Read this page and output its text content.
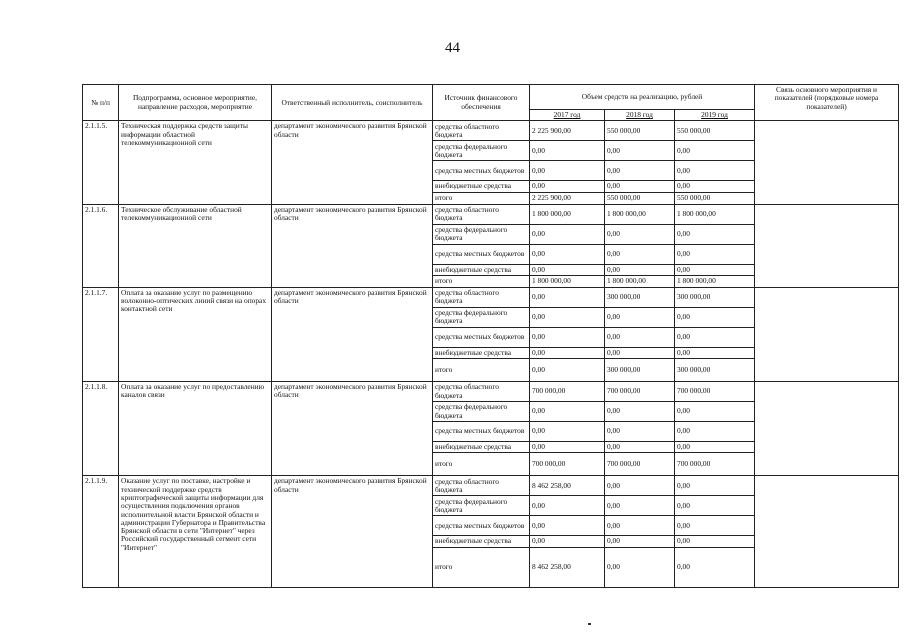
44
№ п/п	Подпрограмма, основное мероприятие, направление расходов, мероприятие	Ответственный исполнитель, соисполнитель	Источник финансового обеспечения	Объем средств на реализацию, рублей			Связь основного мероприятия и показателей (порядковые номера показателей)
				2017 год	2018 год	2019 год	
2.1.1.5.	Техническая поддержка средств защиты информации областной телекоммуникационной сети	департамент экономического развития Брянской области	средства областного бюджета	2 225 900,00	550 000,00	550 000,00	
			средства федерального бюджета	0,00	0,00	0,00	
			средства местных бюджетов	0,00	0,00	0,00	
			внебюджетные средства	0,00	0,00	0,00	
			итого	2 225 900,00	550 000,00	550 000,00	
2.1.1.6.	Техническое обслуживание областной телекоммуникационной сети	департамент экономического развития Брянской области	средства областного бюджета	1 800 000,00	1 800 000,00	1 800 000,00	
			средства федерального бюджета	0,00	0,00	0,00	
			средства местных бюджетов	0,00	0,00	0,00	
			внебюджетные средства	0,00	0,00	0,00	
			итого	1 800 000,00	1 800 000,00	1 800 000,00	
2.1.1.7.	Оплата за оказание услуг по размещению волоконно-оптических линий связи на опорах контактной сети	департамент экономического развития Брянской области	средства областного бюджета	0,00	300 000,00	300 000,00	
			средства федерального бюджета	0,00	0,00	0,00	
			средства местных бюджетов	0,00	0,00	0,00	
			внебюджетные средства	0,00	0,00	0,00	
			итого	0,00	300 000,00	300 000,00	
2.1.1.8.	Оплата за оказание услуг по предоставлению каналов связи	департамент экономического развития Брянской области	средства областного бюджета	700 000,00	700 000,00	700 000,00	
			средства федерального бюджета	0,00	0,00	0,00	
			средства местных бюджетов	0,00	0,00	0,00	
			внебюджетные средства	0,00	0,00	0,00	
			итого	700 000,00	700 000,00	700 000,00	
2.1.1.9.	Оказание услуг по поставке, настройке и технической поддержке средств криптографической защиты информации для осуществления подключения органов исполнительной власти Брянской области и администрации Губернатора и Правительства Брянской области в сети "Интернет" через Российский государственный сегмент сети "Интернет"	департамент экономического развития Брянской области	средства областного бюджета	8 462 258,00	0,00	0,00	
			средства федерального бюджета	0,00	0,00	0,00	
			средства местных бюджетов	0,00	0,00	0,00	
			внебюджетные средства	0,00	0,00	0,00	
			итого	8 462 258,00	0,00	0,00	
